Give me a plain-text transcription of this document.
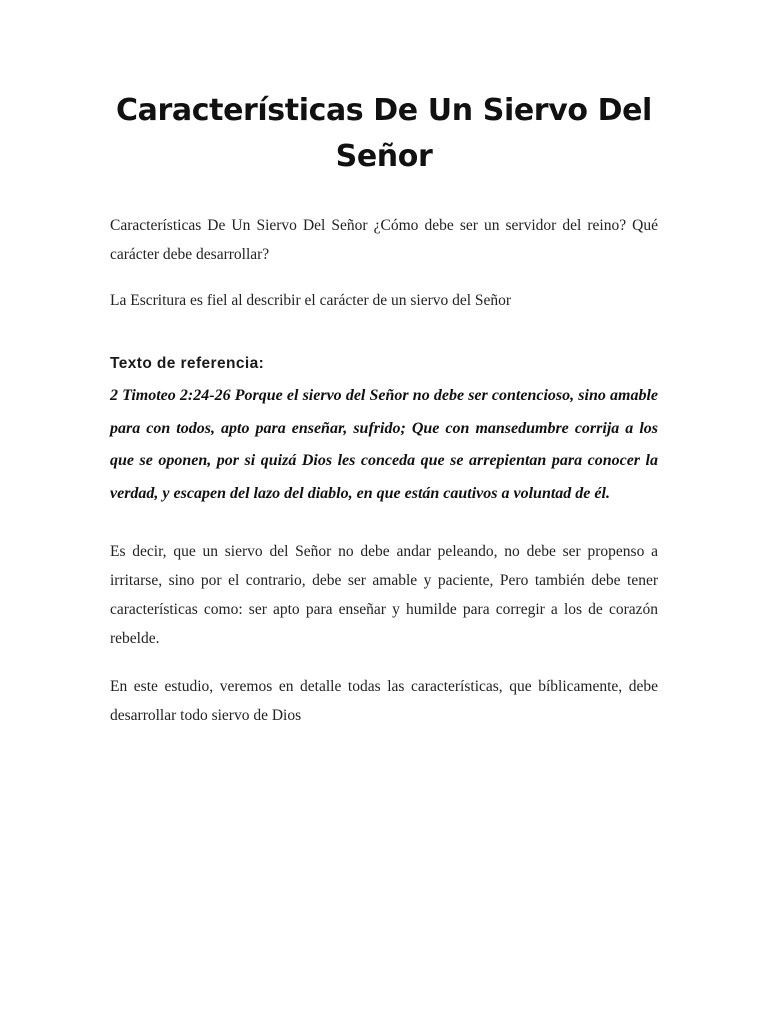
Características De Un Siervo Del Señor

Características De Un Siervo Del Señor ¿Cómo debe ser un servidor del reino? Qué carácter debe desarrollar?

La Escritura es fiel al describir el carácter de un siervo del Señor

Texto de referencia:

2 Timoteo 2:24-26 Porque el siervo del Señor no debe ser contencioso, sino amable para con todos, apto para enseñar, sufrido; Que con mansedumbre corrija a los que se oponen, por si quizá Dios les conceda que se arrepientan para conocer la verdad, y escapen del lazo del diablo, en que están cautivos a voluntad de él.

Es decir, que un siervo del Señor no debe andar peleando, no debe ser propenso a irritarse, sino por el contrario, debe ser amable y paciente, Pero también debe tener características como: ser apto para enseñar y humilde para corregir a los de corazón rebelde.

En este estudio, veremos en detalle todas las características, que bíblicamente, debe desarrollar todo siervo de Dios
